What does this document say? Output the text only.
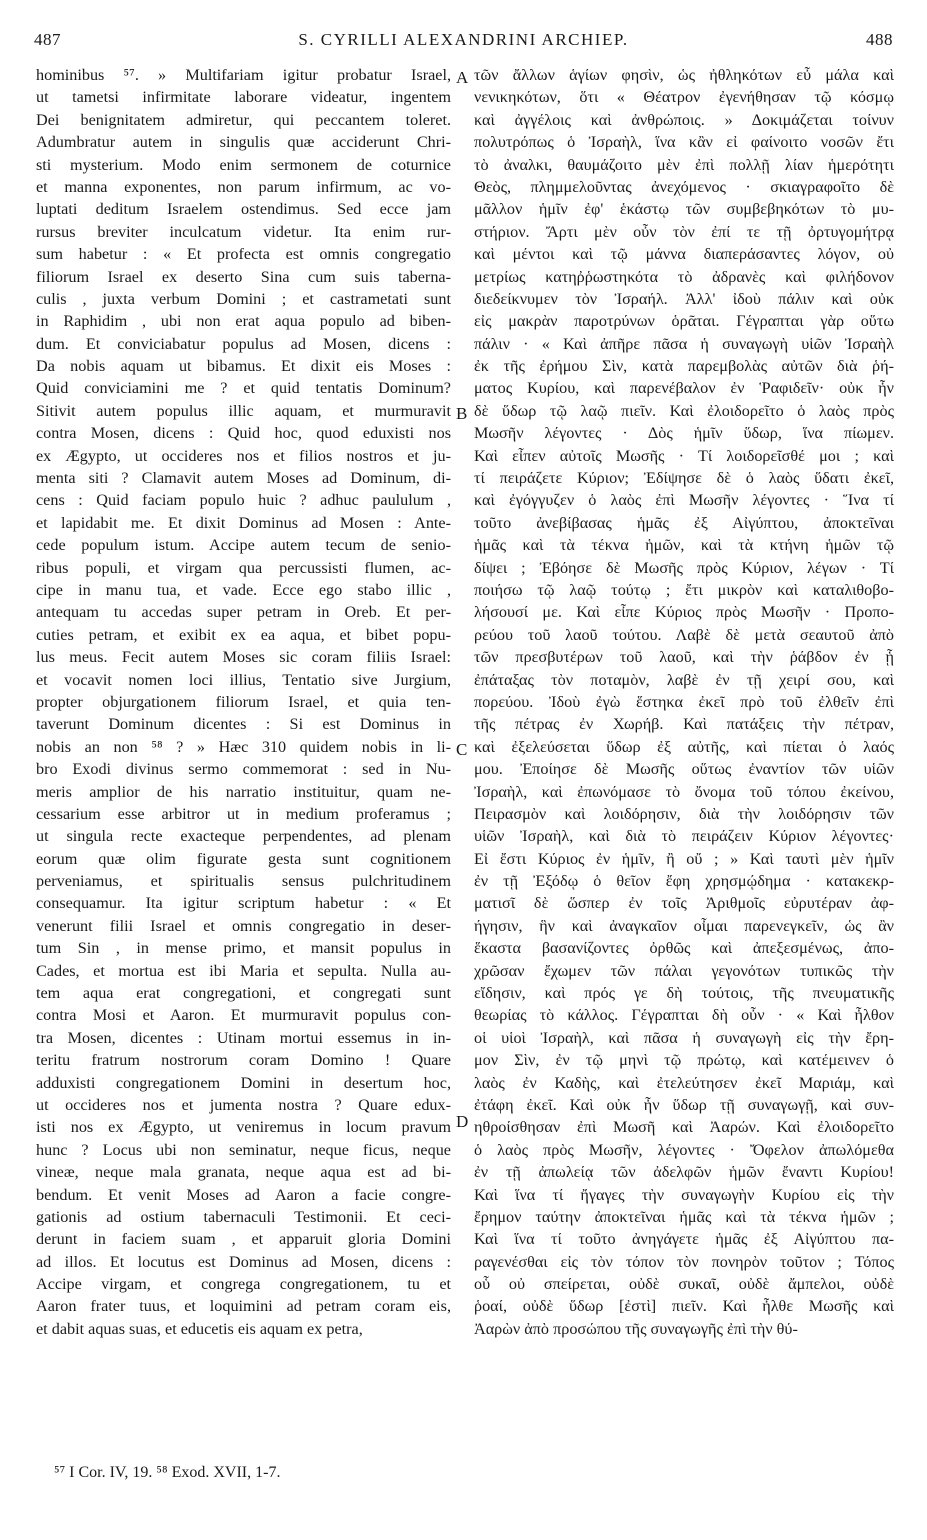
487	S. CYRILLI ALEXANDRINI ARCHIEP.	488
hominibus ⁵⁷. » Multifariam igitur probatur Israel,
ut tametsi infirmitate laborare videatur, ingentem
Dei benignitatem admiretur, qui peccantem toleret.
Adumbratur autem in singulis quæ acciderunt Chri-
sti mysterium. Modo enim sermonem de coturnice
et manna exponentes, non parum infirmum, ac vo-
luptati deditum Israelem ostendimus. Sed ecce jam
rursus breviter inculcatum videtur. Ita enim rur-
sum habetur : « Et profecta est omnis congregatio
filiorum Israel ex deserto Sina cum suis taberna-
culis , juxta verbum Domini ; et castrametati sunt
in Raphidim , ubi non erat aqua populo ad biben-
dum. Et conviciabatur populus ad Mosen, dicens :
Da nobis aquam ut bibamus. Et dixit eis Moses :
Quid conviciamini me ? et quid tentatis Dominum?
Sitivit autem populus illic aquam, et murmuravit
contra Mosen, dicens : Quid hoc, quod eduxisti nos
ex Ægypto, ut occideres nos et filios nostros et ju-
menta siti ? Clamavit autem Moses ad Dominum, di-
cens : Quid faciam populo huic ? adhuc paululum ,
et lapidabit me. Et dixit Dominus ad Mosen : Ante-
cede populum istum. Accipe autem tecum de senio-
ribus populi, et virgam qua percussisti flumen, ac-
cipe in manu tua, et vade. Ecce ego stabo illic ,
antequam tu accedas super petram in Oreb. Et per-
cuties petram, et exibit ex ea aqua, et bibet popu-
lus meus. Fecit autem Moses sic coram filiis Israel:
et vocavit nomen loci illius, Tentatio sive Jurgium,
propter objurgationem filiorum Israel, et quia ten-
taverunt Dominum dicentes : Si est Dominus in
nobis an non ⁵⁸ ? » Hæc 310 quidem nobis in li-
bro Exodi divinus sermo commemorat : sed in Nu-
meris amplior de his narratio instituitur, quam ne-
cessarium esse arbitror ut in medium proferamus ;
ut singula recte exacteque perpendentes, ad plenam
eorum quæ olim figurate gesta sunt cognitionem
perveniamus, et spiritualis sensus pulchritudinem
consequamur. Ita igitur scriptum habetur : « Et
venerunt filii Israel et omnis congregatio in deser-
tum Sin , in mense primo, et mansit populus in
Cades, et mortua est ibi Maria et sepulta. Nulla au-
tem aqua erat congregationi, et congregati sunt
contra Mosi et Aaron. Et murmuravit populus con-
tra Mosen, dicentes : Utinam mortui essemus in in-
teritu fratrum nostrorum coram Domino ! Quare
adduxisti congregationem Domini in desertum hoc,
ut occideres nos et jumenta nostra ? Quare edux-
isti nos ex Ægypto, ut veniremus in locum pravum
hunc ? Locus ubi non seminatur, neque ficus, neque
vineæ, neque mala granata, neque aqua est ad bi-
bendum. Et venit Moses ad Aaron a facie congre-
gationis ad ostium tabernaculi Testimonii. Et ceci-
derunt in faciem suam , et apparuit gloria Domini
ad illos. Et locutus est Dominus ad Mosen, dicens :
Accipe virgam, et congrega congregationem, tu et
Aaron frater tuus, et loquimini ad petram coram eis,
et dabit aquas suas, et educetis eis aquam ex petra,
τῶν ἄλλων ἁγίων φησὶν, ὡς ἠθληκότων εὖ μάλα καὶ
νενικηκότων, ὅτι « Θέατρον ἐγενήθησαν τῷ κόσμῳ
καὶ ἀγγέλοις καὶ ἀνθρώποις. » Δοκιμάζεται τοίνυν
πολυτρόπως ὁ Ἰσραὴλ, ἵνα κἂν εἰ φαίνοιτο νοσῶν ἔτι
τὸ ἀναλκι, θαυμάζοιτο μὲν ἐπὶ πολλῇ λίαν ἡμερότητι
Θεὸς, πλημμελοῦντας ἀνεχόμενος · σκιαγραφοῖτο δὲ
μᾶλλον ἡμῖν ἐφ' ἑκάστῳ τῶν συμβεβηκότων τὸ μυ-
στήριον. Ἄρτι μὲν οὖν τὸν ἐπί τε τῇ ὀρτυγομήτρᾳ
καὶ μέντοι καὶ τῷ μάννα διαπεράσαντες λόγον, οὐ
μετρίως κατηῤῥωστηκότα τὸ ἀδρανὲς καὶ φιλήδονον
διεδείκνυμεν τὸν Ἰσραήλ. Ἀλλ' ἰδοὺ πάλιν καὶ οὐκ
εἰς μακρὰν παροτρύνων ὁρᾶται. Γέγραπται γὰρ οὕτω
πάλιν · « Καὶ ἀπῆρε πᾶσα ἡ συναγωγὴ υἱῶν Ἰσραὴλ
ἐκ τῆς ἐρήμου Σὶν, κατὰ παρεμβολὰς αὐτῶν διὰ ῥή-
ματος Κυρίου, καὶ παρενέβαλον ἐν Ῥαφιδεῖν· οὐκ ἦν
δὲ ὕδωρ τῷ λαῷ πιεῖν. Καὶ ἐλοιδορεῖτο ὁ λαὸς πρὸς
Μωσῆν λέγοντες · Δὸς ἡμῖν ὕδωρ, ἵνα πίωμεν.
Καὶ εἶπεν αὐτοῖς Μωσῆς · Τί λοιδορεῖσθέ μοι ; καὶ
τί πειράζετε Κύριον; Ἐδίψησε δὲ ὁ λαὸς ὕδατι ἐκεῖ,
καὶ ἐγόγγυζεν ὁ λαὸς ἐπὶ Μωσῆν λέγοντες · Ἵνα τί
τοῦτο ἀνεβίβασας ἡμᾶς ἐξ Αἰγύπτου, ἀποκτεῖναι
ἡμᾶς καὶ τὰ τέκνα ἡμῶν, καὶ τὰ κτήνη ἡμῶν τῷ
δίψει ; Ἐβόησε δὲ Μωσῆς πρὸς Κύριον, λέγων · Τί
ποιήσω τῷ λαῷ τούτῳ ; ἔτι μικρὸν καὶ καταλιθοβο-
λήσουσί με. Καὶ εἶπε Κύριος πρὸς Μωσῆν · Προπο-
ρεύου τοῦ λαοῦ τούτου. Λαβὲ δὲ μετὰ σεαυτοῦ ἀπὸ
τῶν πρεσβυτέρων τοῦ λαοῦ, καὶ τὴν ῥάβδον ἐν ᾗ
ἐπάταξας τὸν ποταμὸν, λαβὲ ἐν τῇ χειρί σου, καὶ
πορεύου. Ἰδοὺ ἐγὼ ἕστηκα ἐκεῖ πρὸ τοῦ ἐλθεῖν ἐπὶ
τῆς πέτρας ἐν Χωρήβ. Καὶ πατάξεις τὴν πέτραν,
καὶ ἐξελεύσεται ὕδωρ ἐξ αὐτῆς, καὶ πίεται ὁ λαός
μου. Ἐποίησε δὲ Μωσῆς οὕτως ἐναντίον τῶν υἱῶν
Ἰσραὴλ, καὶ ἐπωνόμασε τὸ ὄνομα τοῦ τόπου ἐκείνου,
Πειρασμὸν καὶ λοιδόρησιν, διὰ τὴν λοιδόρησιν τῶν
υἱῶν Ἰσραὴλ, καὶ διὰ τὸ πειράζειν Κύριον λέγοντες·
Εἰ ἔστι Κύριος ἐν ἡμῖν, ἢ οὔ ; » Καὶ ταυτὶ μὲν ἡμῖν
ἐν τῇ Ἐξόδῳ ὁ θεῖον ἔφη χρησμῴδημα · κατακεκρ-
ματισῖ δὲ ὥσπερ ἐν τοῖς Ἀριθμοῖς εὐρυτέραν ἀφ-
ήγησιν, ἣν καὶ ἀναγκαῖον οἶμαι παρενεγκεῖν, ὡς ἂν
ἕκαστα βασανίζοντες ὀρθῶς καὶ ἀπεξεσμένως, ἀπο-
χρῶσαν ἔχωμεν τῶν πάλαι γεγονότων τυπικῶς τὴν
εἴδησιν, καὶ πρός γε δὴ τούτοις, τῆς πνευματικῆς
θεωρίας τὸ κάλλος. Γέγραπται δὴ οὖν · « Καὶ ἦλθον
οἱ υἱοὶ Ἰσραὴλ, καὶ πᾶσα ἡ συναγωγὴ εἰς τὴν ἔρη-
μον Σὶν, ἐν τῷ μηνὶ τῷ πρώτῳ, καὶ κατέμεινεν ὁ
λαὸς ἐν Καδὴς, καὶ ἐτελεύτησεν ἐκεῖ Μαριάμ, καὶ
ἐτάφη ἐκεῖ. Καὶ οὐκ ἦν ὕδωρ τῇ συναγωγῇ, καὶ συν-
ηθροίσθησαν ἐπὶ Μωσῆ καὶ Ἀαρών. Καὶ ἐλοιδορεῖτο
ὁ λαὸς πρὸς Μωσῆν, λέγοντες · Ὄφελον ἀπωλόμεθα
ἐν τῇ ἀπωλείᾳ τῶν ἀδελφῶν ἡμῶν ἔναντι Κυρίου!
Καὶ ἵνα τί ἤγαγες τὴν συναγωγὴν Κυρίου εἰς τὴν
ἔρημον ταύτην ἀποκτεῖναι ἡμᾶς καὶ τὰ τέκνα ἡμῶν ;
Καὶ ἵνα τί τοῦτο ἀνηγάγετε ἡμᾶς ἐξ Αἰγύπτου πα-
ραγενέσθαι εἰς τὸν τόπον τὸν πονηρὸν τοῦτον ; Τόπος
οὗ οὐ σπείρεται, οὐδὲ συκαῖ, οὐδὲ ἄμπελοι, οὐδὲ
ῥοαί, οὐδὲ ὕδωρ [ἐστὶ] πιεῖν. Καὶ ἦλθε Μωσῆς καὶ
Ἀαρὼν ἀπὸ προσώπου τῆς συναγωγῆς ἐπὶ τὴν θύ-
A
B
C
D
⁵⁷ I Cor. IV, 19. ⁵⁸ Exod. XVII, 1-7.
